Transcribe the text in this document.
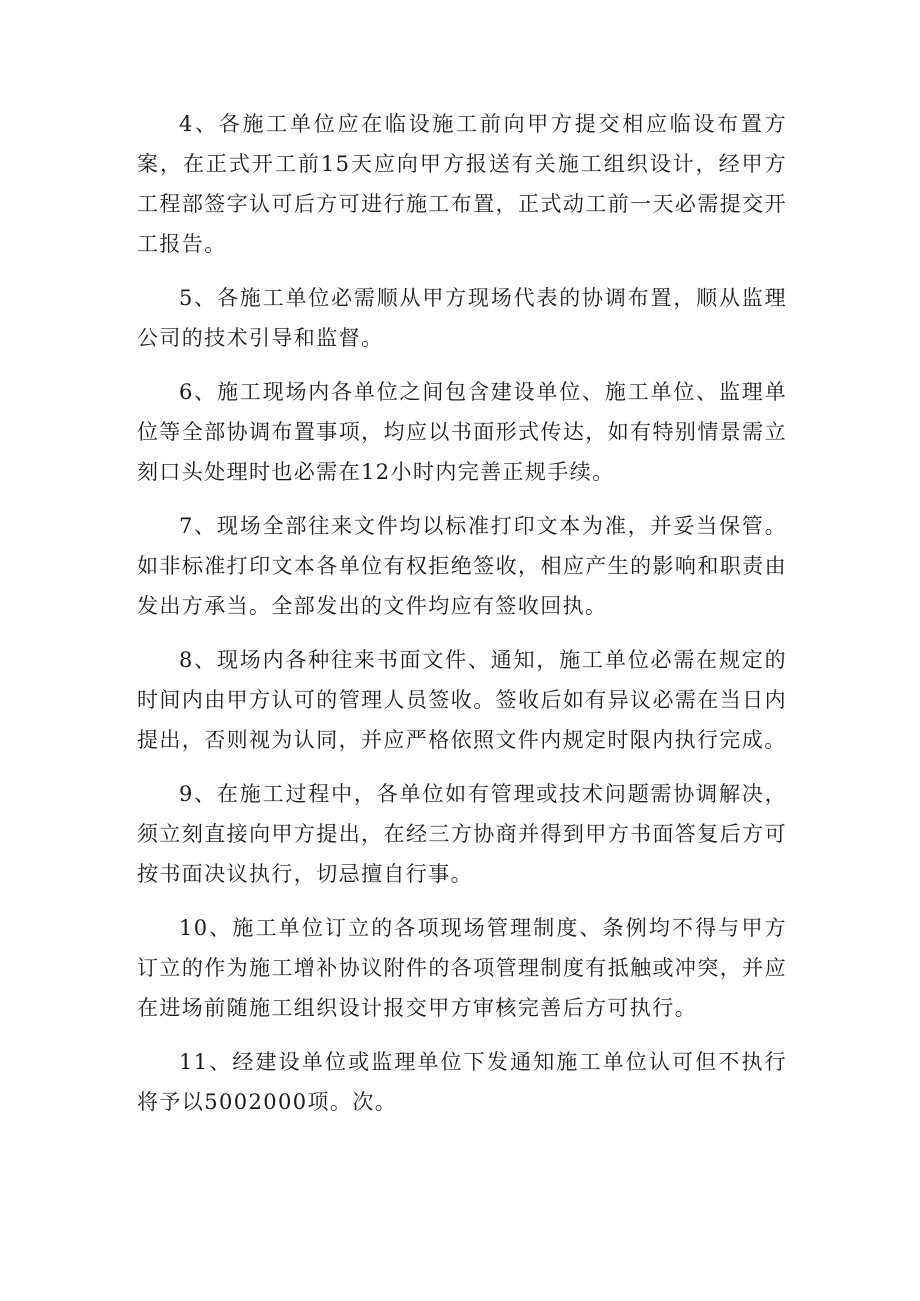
4、各施工单位应在临设施工前向甲方提交相应临设布置方案，在正式开工前15天应向甲方报送有关施工组织设计，经甲方工程部签字认可后方可进行施工布置，正式动工前一天必需提交开工报告。

5、各施工单位必需顺从甲方现场代表的协调布置，顺从监理公司的技术引导和监督。

6、施工现场内各单位之间包含建设单位、施工单位、监理单位等全部协调布置事项，均应以书面形式传达，如有特别情景需立刻口头处理时也必需在12小时内完善正规手续。

7、现场全部往来文件均以标准打印文本为准，并妥当保管。如非标准打印文本各单位有权拒绝签收，相应产生的影响和职责由发出方承当。全部发出的文件均应有签收回执。

8、现场内各种往来书面文件、通知，施工单位必需在规定的时间内由甲方认可的管理人员签收。签收后如有异议必需在当日内提出，否则视为认同，并应严格依照文件内规定时限内执行完成。

9、在施工过程中，各单位如有管理或技术问题需协调解决，须立刻直接向甲方提出，在经三方协商并得到甲方书面答复后方可按书面决议执行，切忌擅自行事。

10、施工单位订立的各项现场管理制度、条例均不得与甲方订立的作为施工增补协议附件的各项管理制度有抵触或冲突，并应在进场前随施工组织设计报交甲方审核完善后方可执行。

11、经建设单位或监理单位下发通知施工单位认可但不执行将予以5002000项。次。
